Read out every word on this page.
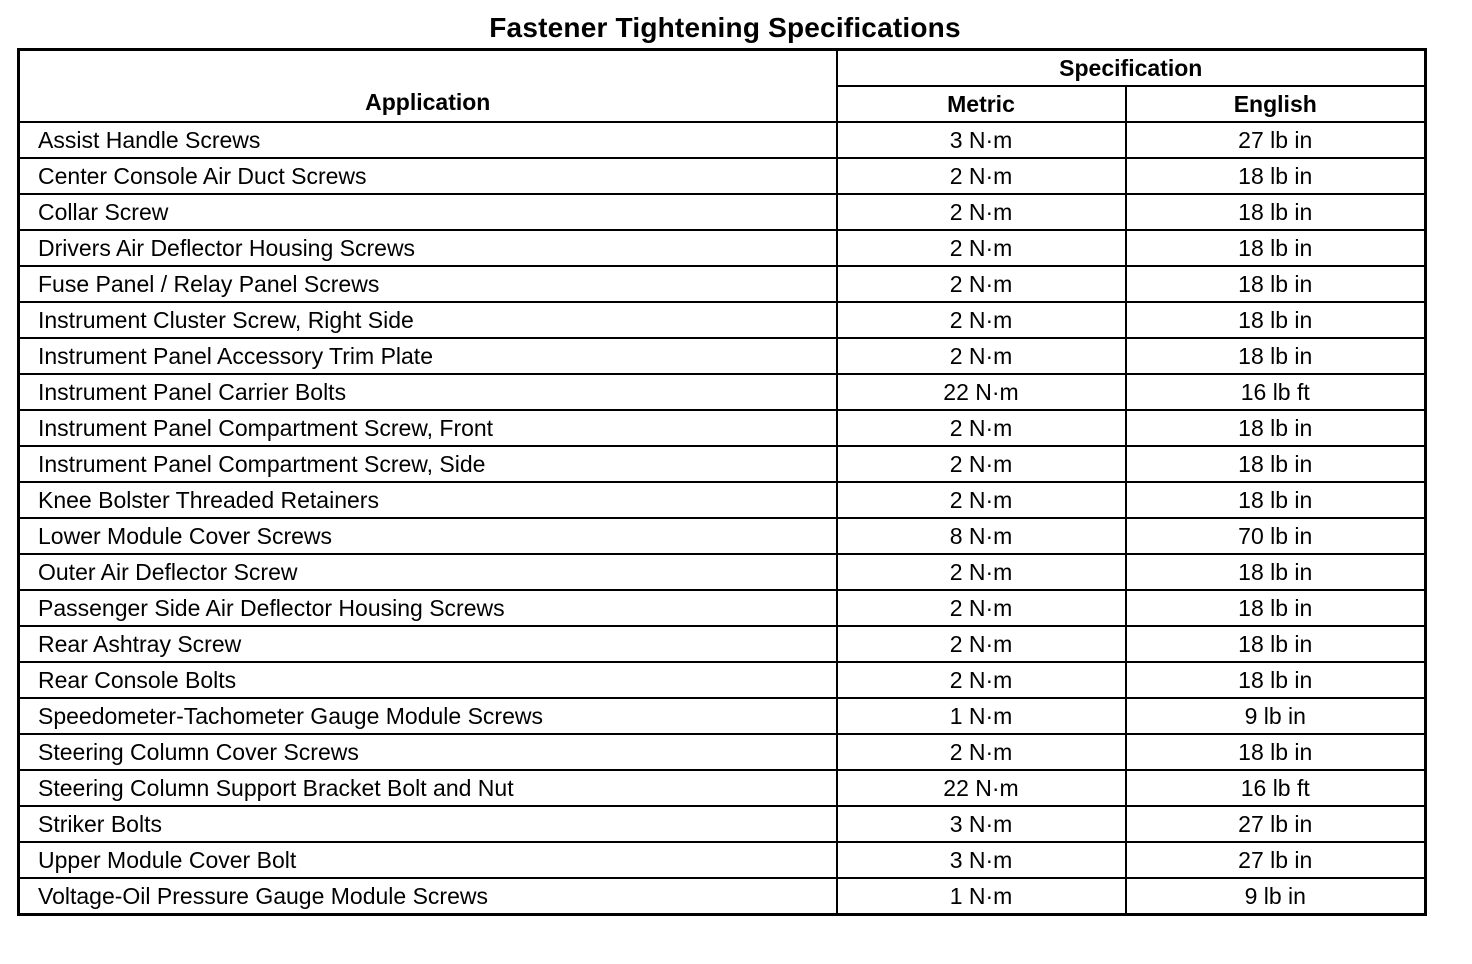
Fastener Tightening Specifications
Application	Specification	
	Metric	English
Assist Handle Screws	3 N·m	27 lb in
Center Console Air Duct Screws	2 N·m	18 lb in
Collar Screw	2 N·m	18 lb in
Drivers Air Deflector Housing Screws	2 N·m	18 lb in
Fuse Panel / Relay Panel Screws	2 N·m	18 lb in
Instrument Cluster Screw, Right Side	2 N·m	18 lb in
Instrument Panel Accessory Trim Plate	2 N·m	18 lb in
Instrument Panel Carrier Bolts	22 N·m	16 lb ft
Instrument Panel Compartment Screw, Front	2 N·m	18 lb in
Instrument Panel Compartment Screw, Side	2 N·m	18 lb in
Knee Bolster Threaded Retainers	2 N·m	18 lb in
Lower Module Cover Screws	8 N·m	70 lb in
Outer Air Deflector Screw	2 N·m	18 lb in
Passenger Side Air Deflector Housing Screws	2 N·m	18 lb in
Rear Ashtray Screw	2 N·m	18 lb in
Rear Console Bolts	2 N·m	18 lb in
Speedometer-Tachometer Gauge Module Screws	1 N·m	9 lb in
Steering Column Cover Screws	2 N·m	18 lb in
Steering Column Support Bracket Bolt and Nut	22 N·m	16 lb ft
Striker Bolts	3 N·m	27 lb in
Upper Module Cover Bolt	3 N·m	27 lb in
Voltage-Oil Pressure Gauge Module Screws	1 N·m	9 lb in
